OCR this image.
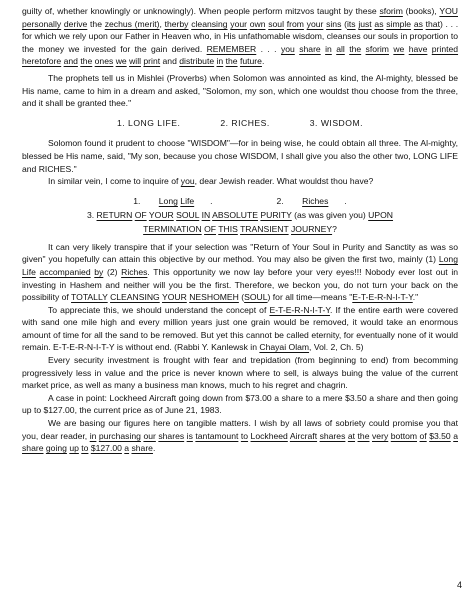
guilty of, whether knowlingly or unknowingly). When people perform mitzvos taught by these sforim (books), YOU personally derive the zechus (merit), therby cleansing your own soul from your sins (its just as simple as that) . . . for which we rely upon our Father in Heaven who, in His unfathomable wisdom, cleanses our souls in proportion to the money we invested for the gain derived. REMEMBER . . . you share in all the sforim we have printed heretofore and the ones we will print and distribute in the future.

The prophets tell us in Mishlei (Proverbs) when Solomon was annointed as kind, the Al-mighty, blessed be His name, came to him in a dream and asked, "Solomon, my son, which one wouldst thou choose from the three, and it shall be granted thee."

1. LONG LIFE.	2. RICHES.	3. WISDOM.

Solomon found it prudent to choose "WISDOM"—for in being wise, he could obtain all three. The Al-mighty, blessed be His name, said, "My son, because you chose WISDOM, I shall give you also the other two, LONG LIFE and RICHES."

In similar vein, I come to inquire of you, dear Jewish reader. What wouldst thou have?

1. Long Life .	2. Riches .
3. RETURN OF YOUR SOUL IN ABSOLUTE PURITY (as was given you) UPON
TERMINATION OF THIS TRANSIENT JOURNEY?

It can very likely transpire that if your selection was "Return of Your Soul in Purity and Sanctity as was so given" you hopefully can attain this objective by our method. You may also be given the first two, mainly (1) Long Life accompanied by (2) Riches. This opportunity we now lay before your very eyes!!! Nobody ever lost out in investing in Hashem and neither will you be the first. Therefore, we beckon you, do not turn your back on the possibility of TOTALLY CLEANSING YOUR NESHOMEH (SOUL) for all time—means "E-T-E-R-N-I-T-Y."

To appreciate this, we should understand the concept of E-T-E-R-N-I-T-Y. If the entire earth were covered with sand one mile high and every million years just one grain would be removed, it would take an enormous amount of time for all the sand to be removed. But yet this cannot be called eternity, for eventually none of it would remain. E-T-E-R-N-I-T-Y is without end. (Rabbi Y. Kanlewsk in Chayai Olam, Vol. 2, Ch. 5)

Every security investment is frought with fear and trepidation (from beginning to end) from becomming progressively less in value and the price is never known where to sell, is always buing the value of the current market price, as well as many a business man knows, much to his regret and chagrin.

A case in point: Lockheed Aircraft going down from $73.00 a share to a mere $3.50 a share and then going up to $127.00, the current price as of June 21, 1983.

We are basing our figures here on tangible matters. I wish by all laws of sobriety could promise you that you, dear reader, in purchasing our shares is tantamount to Lockheed Aircraft shares at the very bottom of $3.50 a share going up to $127.00 a share.

4
